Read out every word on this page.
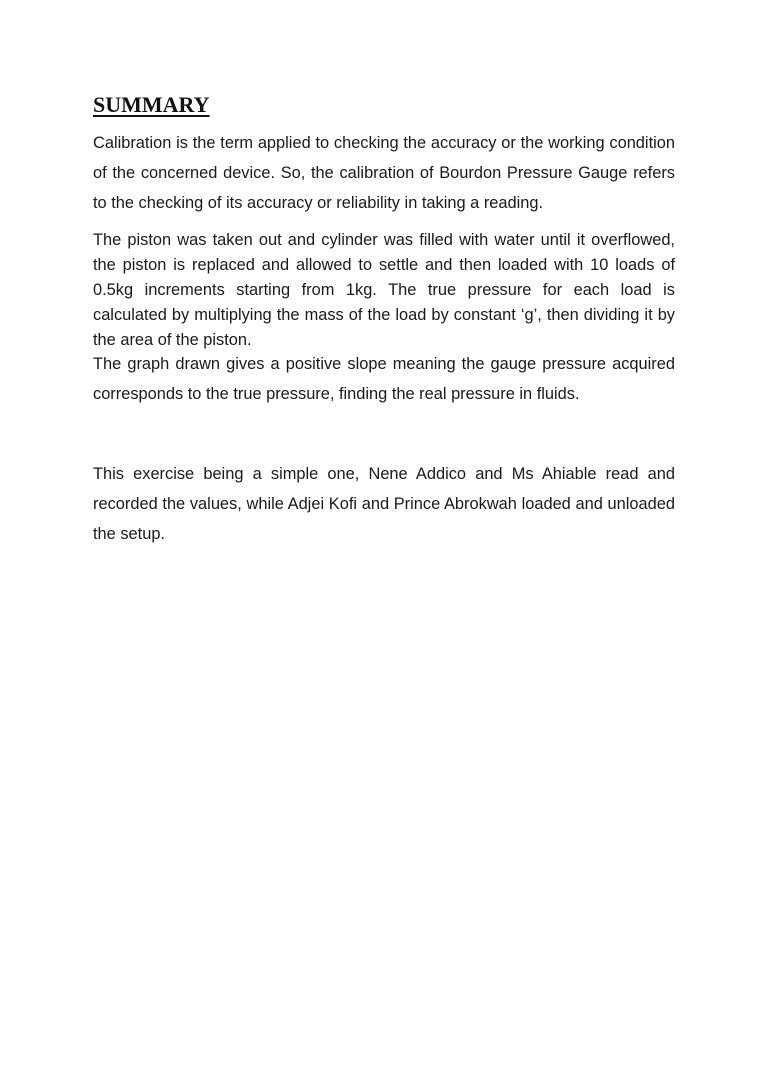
SUMMARY

Calibration is the term applied to checking the accuracy or the working condition of the concerned device. So, the calibration of Bourdon Pressure Gauge refers to the checking of its accuracy or reliability in taking a reading.

The piston was taken out and cylinder was filled with water until it overflowed, the piston is replaced and allowed to settle and then loaded with 10 loads of 0.5kg increments starting from 1kg. The true pressure for each load is calculated by multiplying the mass of the load by constant ‘g’, then dividing it by the area of the piston.

The graph drawn gives a positive slope meaning the gauge pressure acquired corresponds to the true pressure, finding the real pressure in fluids.

This exercise being a simple one, Nene Addico and Ms Ahiable read and recorded the values, while Adjei Kofi and Prince Abrokwah loaded and unloaded the setup.
